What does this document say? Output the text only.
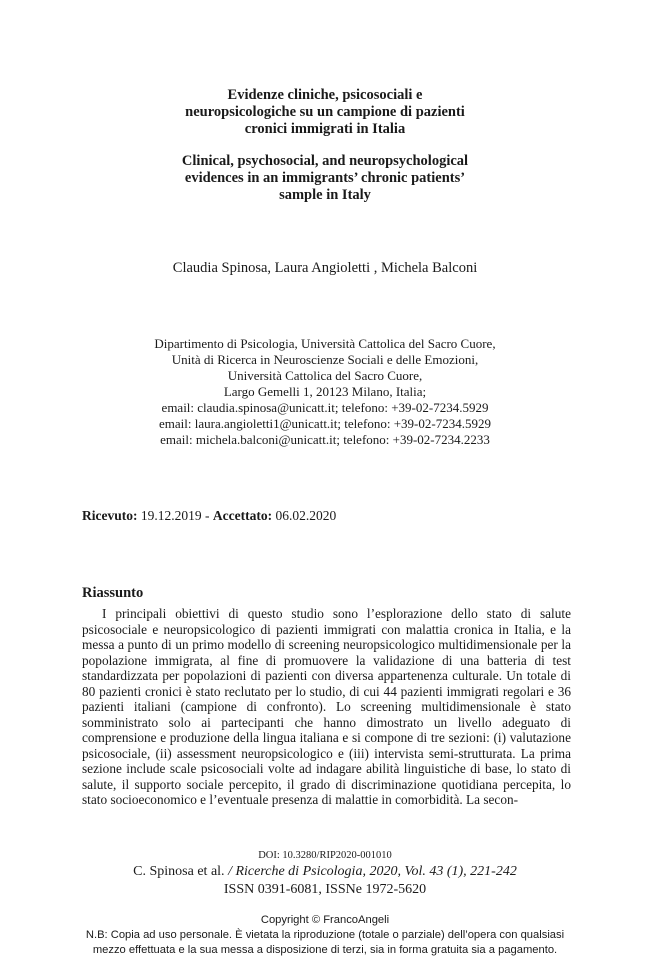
Evidenze cliniche, psicosociali e
neuropsicologiche su un campione di pazienti
cronici immigrati in Italia
Clinical, psychosocial, and neuropsychological
evidences in an immigrants’ chronic patients’
sample in Italy
Claudia Spinosa, Laura Angioletti , Michela Balconi
Dipartimento di Psicologia, Università Cattolica del Sacro Cuore,
Unità di Ricerca in Neuroscienze Sociali e delle Emozioni,
Università Cattolica del Sacro Cuore,
Largo Gemelli 1, 20123 Milano, Italia;
email: claudia.spinosa@unicatt.it; telefono: +39-02-7234.5929
email: laura.angioletti1@unicatt.it; telefono: +39-02-7234.5929
email: michela.balconi@unicatt.it; telefono: +39-02-7234.2233
Ricevuto: 19.12.2019 - Accettato: 06.02.2020
Riassunto

I principali obiettivi di questo studio sono l’esplorazione dello stato di salute psicosociale e neuropsicologico di pazienti immigrati con malattia cronica in Italia, e la messa a punto di un primo modello di screening neuropsicologico multidimensionale per la popolazione immigrata, al fine di promuovere la validazione di una batteria di test standardizzata per popolazioni di pazienti con diversa appartenenza culturale. Un totale di 80 pazienti cronici è stato reclutato per lo studio, di cui 44 pazienti immigrati regolari e 36 pazienti italiani (campione di confronto). Lo screening multidimensionale è stato somministrato solo ai partecipanti che hanno dimostrato un livello adeguato di comprensione e produzione della lingua italiana e si compone di tre sezioni: (i) valutazione psicosociale, (ii) assessment neuropsicologico e (iii) intervista semi-strutturata. La prima sezione include scale psicosociali volte ad indagare abilità linguistiche di base, lo stato di salute, il supporto sociale percepito, il grado di discriminazione quotidiana percepita, lo stato socioeconomico e l’eventuale presenza di malattie in comorbidità. La secon-

DOI: 10.3280/RIP2020-001010
C. Spinosa et al. / Ricerche di Psicologia, 2020, Vol. 43 (1), 221-242
ISSN 0391-6081, ISSNe 1972-5620
Copyright © FrancoAngeli
N.B: Copia ad uso personale. È vietata la riproduzione (totale o parziale) dell’opera con qualsiasi
mezzo effettuata e la sua messa a disposizione di terzi, sia in forma gratuita sia a pagamento.
